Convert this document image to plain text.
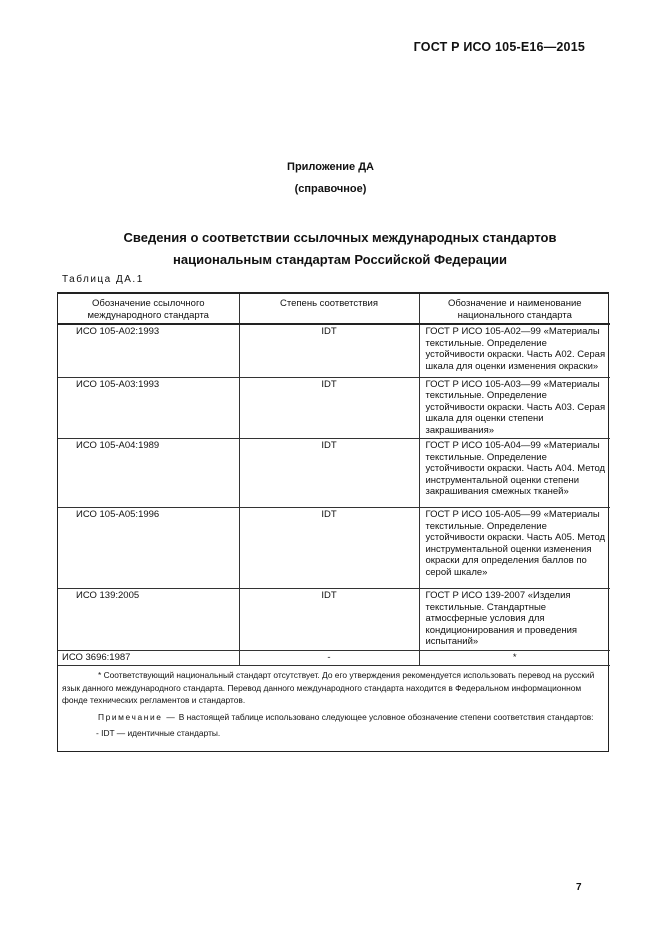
ГОСТ Р ИСО 105-Е16—2015
Приложение ДА
(справочное)
Сведения о соответствии ссылочных международных стандартов
национальным стандартам Российской Федерации
Таблица ДА.1
Обозначение ссылочного международного стандарта	Степень соответствия	Обозначение и наименование национального стандарта
ИСО 105-А02:1993	IDT	ГОСТ Р ИСО 105-А02—99 «Материалы текстильные. Определение устойчивости окраски. Часть А02. Серая шкала для оценки изменения окраски»
ИСО 105-А03:1993	IDT	ГОСТ Р ИСО 105-А03—99 «Материалы текстильные. Определение устойчивости окраски. Часть А03. Серая шкала для оценки степени закрашивания»
ИСО 105-А04:1989	IDT	ГОСТ Р ИСО 105-А04—99 «Материалы текстильные. Определение устойчивости окраски. Часть А04. Метод инструментальной оценки степени закрашивания смежных тканей»
ИСО 105-А05:1996	IDT	ГОСТ Р ИСО 105-А05—99 «Материалы текстильные. Определение устойчивости окраски. Часть А05. Метод инструментальной оценки изменения окраски для определения баллов по серой шкале»
ИСО 139:2005	IDT	ГОСТ Р ИСО 139-2007 «Изделия текстильные. Стандартные атмосферные условия для кондиционирования и проведения испытаний»
ИСО 3696:1987	-	*

* Соответствующий национальный стандарт отсутствует. До его утверждения рекомендуется использовать перевод на русский язык данного международного стандарта. Перевод данного международного стандарта находится в Федеральном информационном фонде технических регламентов и стандартов.

Примечание — В настоящей таблице использовано следующее условное обозначение степени соответствия стандартов:

- IDT — идентичные стандарты.		

7
